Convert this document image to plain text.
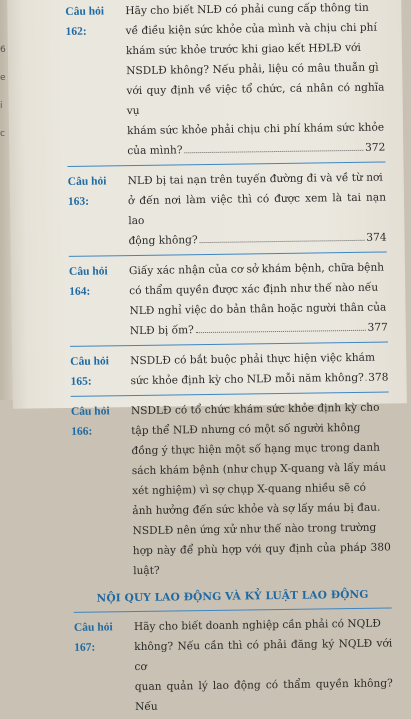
6
e
i
c
Câu hỏi 162:
Hãy cho biết NLĐ có phải cung cấp thông tin
về điều kiện sức khỏe của mình và chịu chi phí
khám sức khỏe trước khi giao kết HĐLĐ với
NSDLĐ không? Nếu phải, liệu có mâu thuẫn gì
với quy định về việc tổ chức, cá nhân có nghĩa vụ
khám sức khỏe phải chịu chi phí khám sức khỏe
của mình?	372
Câu hỏi 163:
NLĐ bị tai nạn trên tuyến đường đi và về từ nơi
ở đến nơi làm việc thì có được xem là tai nạn lao
động không?	374
Câu hỏi 164:
Giấy xác nhận của cơ sở khám bệnh, chữa bệnh
có thẩm quyền được xác định như thế nào nếu
NLĐ nghỉ việc do bản thân hoặc người thân của
NLĐ bị ốm?	377
Câu hỏi 165:
NSDLĐ có bắt buộc phải thực hiện việc khám
sức khỏe định kỳ cho NLĐ mỗi năm không? 378
Câu hỏi 166:
NSDLĐ có tổ chức khám sức khỏe định kỳ cho
tập thể NLĐ nhưng có một số người không
đồng ý thực hiện một số hạng mục trong danh
sách khám bệnh (như chụp X-quang và lấy máu
xét nghiệm) vì sợ chụp X-quang nhiều sẽ có
ảnh hưởng đến sức khỏe và sợ lấy máu bị đau.
NSDLĐ nên ứng xử như thế nào trong trường
hợp này để phù hợp với quy định của pháp luật?
380
NỘI QUY LAO ĐỘNG VÀ KỶ LUẬT LAO ĐỘNG
Câu hỏi 167:
Hãy cho biết doanh nghiệp cần phải có NQLĐ
không? Nếu cần thì có phải đăng ký NQLĐ với cơ
quan quản lý lao động có thẩm quyền không? Nếu
